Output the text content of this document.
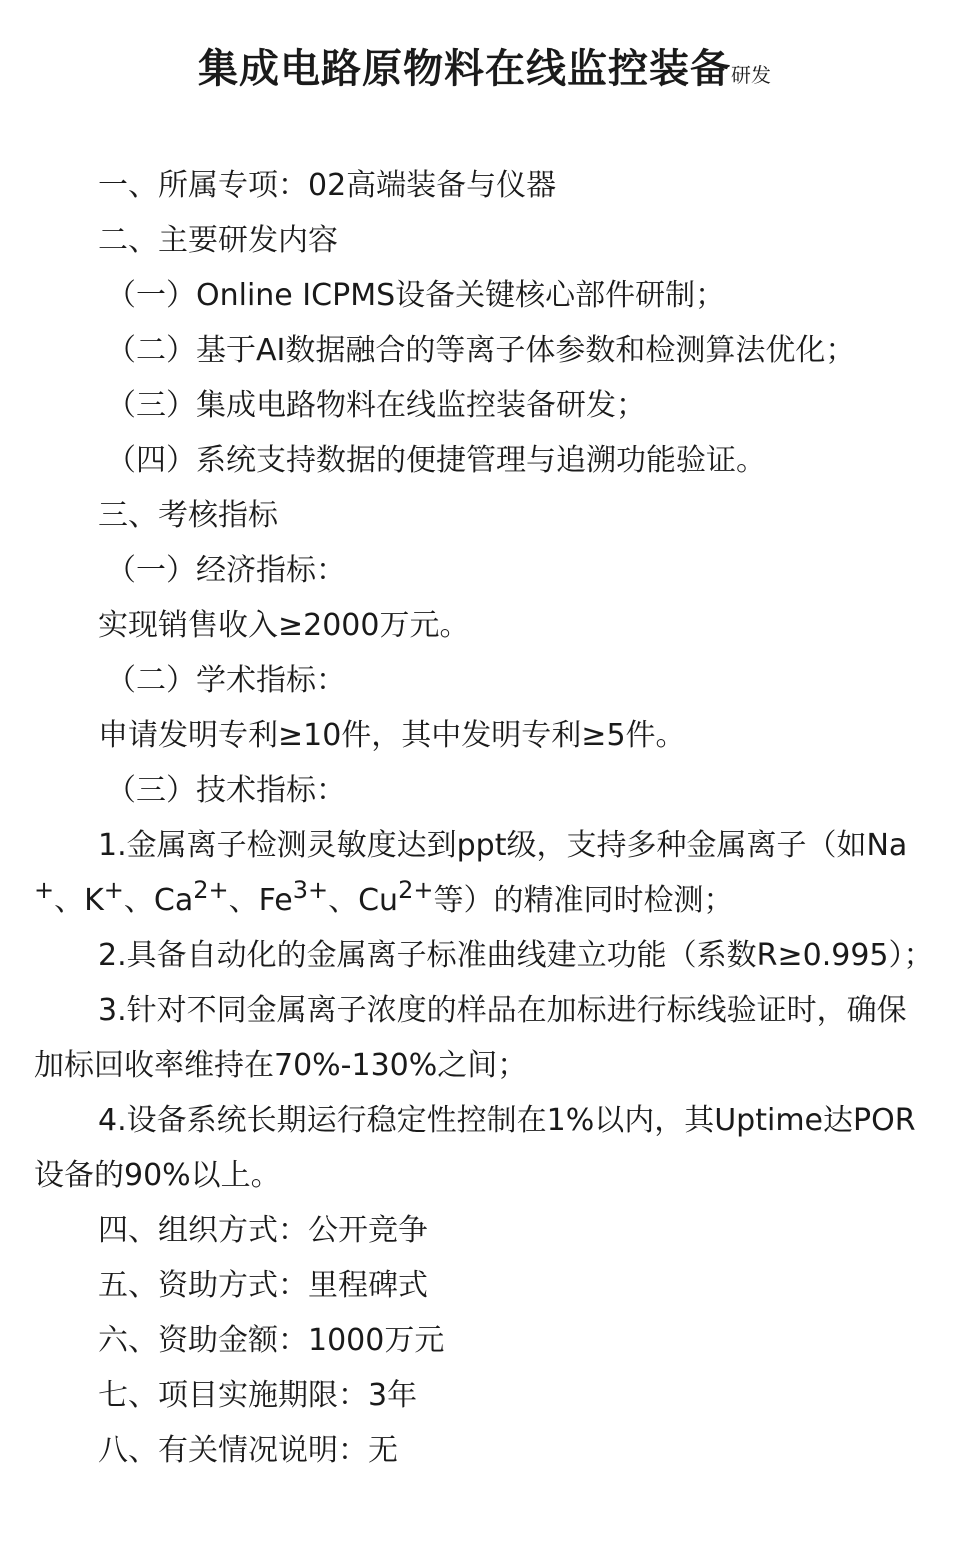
集成电路原物料在线监控装备研发

一、所属专项：02高端装备与仪器

二、主要研发内容

（一）Online ICPMS设备关键核心部件研制；

（二）基于AI数据融合的等离子体参数和检测算法优化；

（三）集成电路物料在线监控装备研发；

（四）系统支持数据的便捷管理与追溯功能验证。

三、考核指标

（一）经济指标：

实现销售收入≥2000万元。

（二）学术指标：

申请发明专利≥10件，其中发明专利≥5件。

（三）技术指标：

1.金属离子检测灵敏度达到ppt级，支持多种金属离子（如Na+、K+、$Ca^{2+}$、$Fe^{3+}$、$Cu^{2+}$等）的精准同时检测；

2.具备自动化的金属离子标准曲线建立功能（系数R≥0.995）；

3.针对不同金属离子浓度的样品在加标进行标线验证时，确保加标回收率维持在70%-130%之间；

4.设备系统长期运行稳定性控制在1%以内，其Uptime达POR设备的90%以上。

四、组织方式：公开竞争

五、资助方式：里程碑式

六、资助金额：1000万元

七、项目实施期限：3年

八、有关情况说明：无
